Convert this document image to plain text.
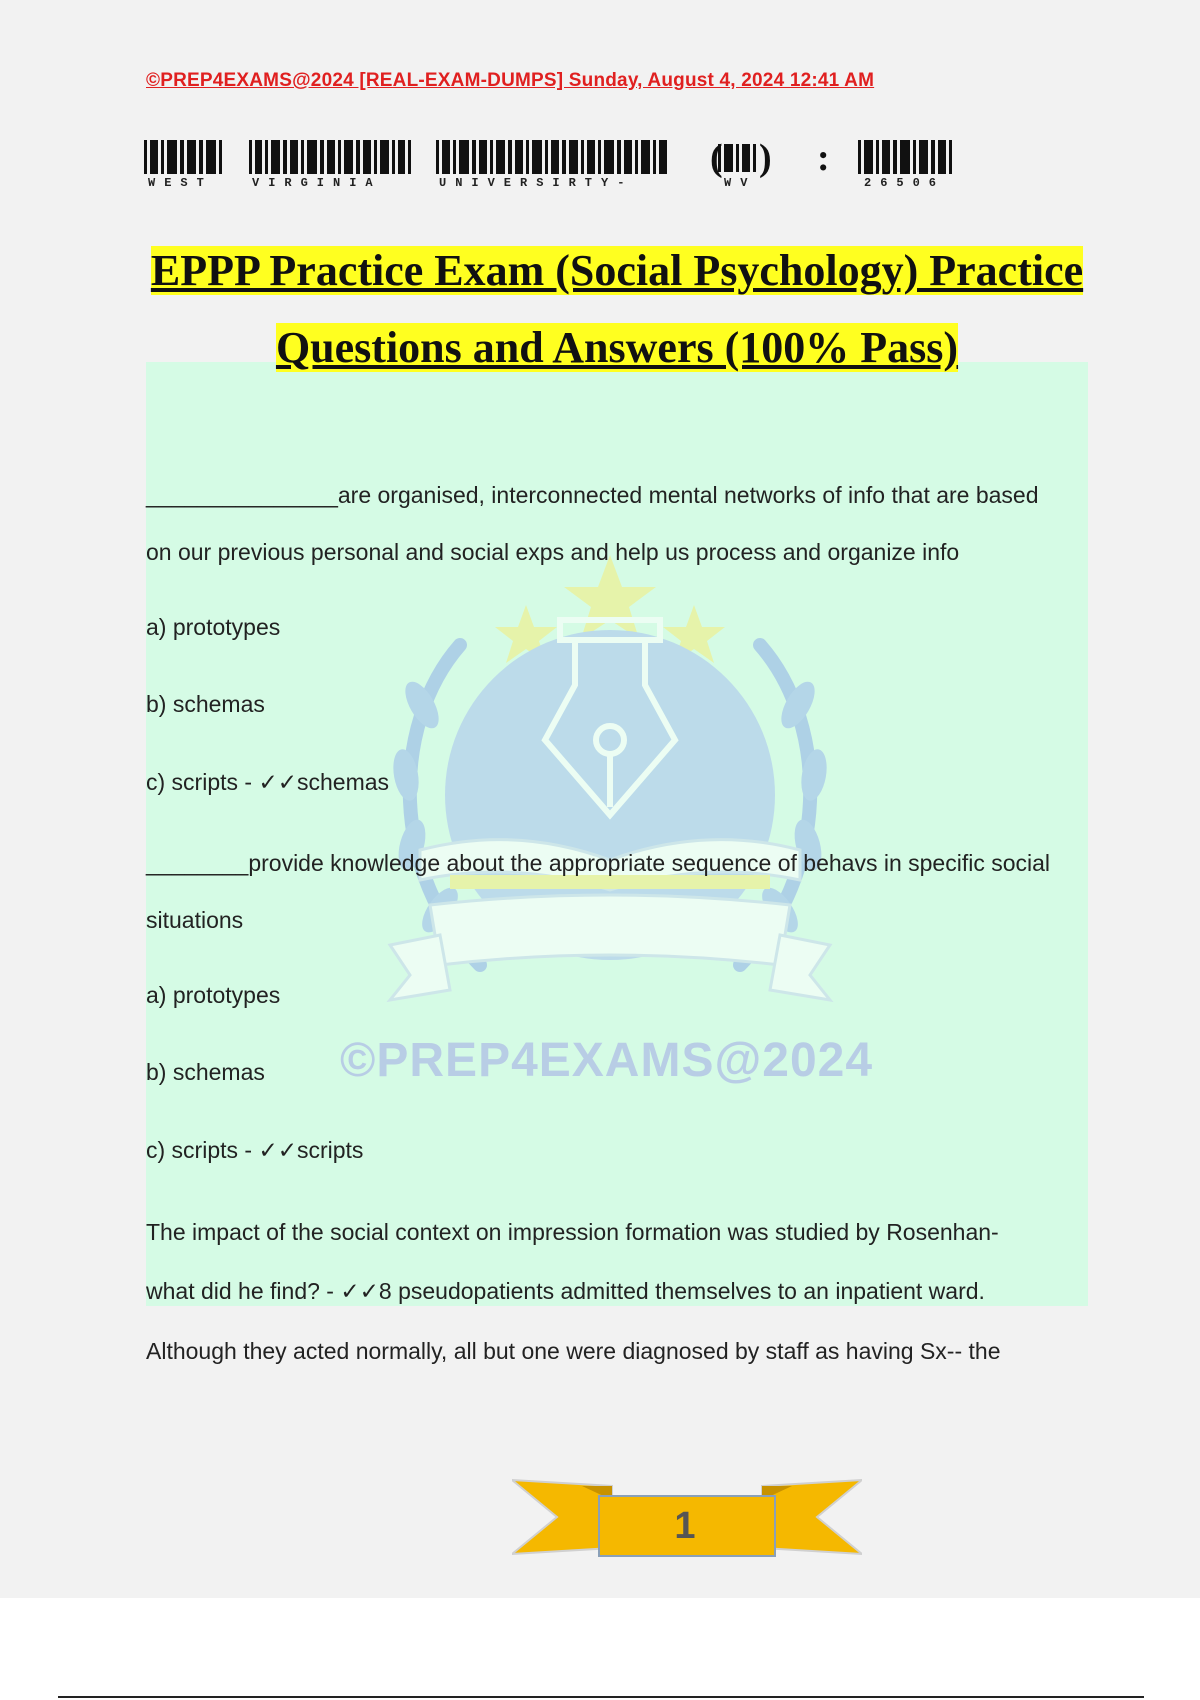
©PREP4EXAMS@2024 [REAL-EXAM-DUMPS] Sunday, August 4, 2024 12:41 AM
( ) :
WEST	VIRGINIA	UNIVERSIRTY-	WV	26506
EPPP Practice Exam (Social Psychology) Practice
Questions and Answers (100% Pass)
©PREP4EXAMS@2024
_______________are organised, interconnected mental networks of info that are based
on our previous personal and social exps and help us process and organize info
a) prototypes
b) schemas
c) scripts - ✓✓schemas
________provide knowledge about the appropriate sequence of behavs in specific social
situations
a) prototypes
b) schemas
c) scripts - ✓✓scripts
The impact of the social context on impression formation was studied by Rosenhan-
what did he find? - ✓✓8 pseudopatients admitted themselves to an inpatient ward.
Although they acted normally, all but one were diagnosed by staff as having Sx-- the
1
